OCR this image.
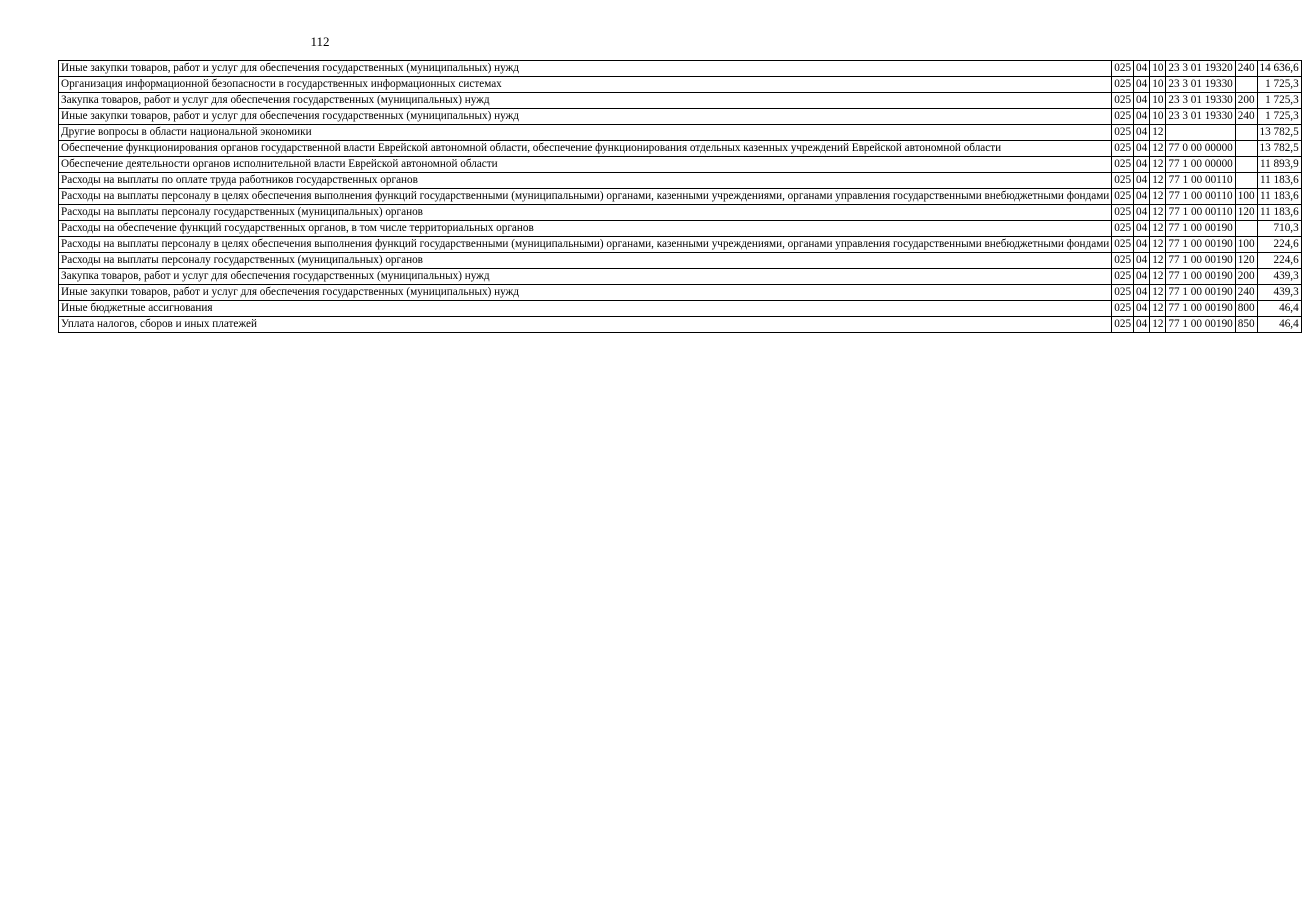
112
Иные закупки товаров, работ и услуг для обеспечения государственных (муниципальных) нужд	025	04	10	23 3 01 19320	240	14 636,6
Организация информационной безопасности в государственных информационных системах	025	04	10	23 3 01 19330		1 725,3
Закупка товаров, работ и услуг для обеспечения государственных (муниципальных) нужд	025	04	10	23 3 01 19330	200	1 725,3
Иные закупки товаров, работ и услуг для обеспечения государственных (муниципальных) нужд	025	04	10	23 3 01 19330	240	1 725,3
Другие вопросы в области национальной экономики	025	04	12			13 782,5
Обеспечение функционирования органов государственной власти Еврейской автономной области, обеспечение функционирования отдельных казенных учреждений Еврейской автономной области	025	04	12	77 0 00 00000		13 782,5
Обеспечение деятельности органов исполнительной власти Еврейской автономной области	025	04	12	77 1 00 00000		11 893,9
Расходы на выплаты по оплате труда работников государственных органов	025	04	12	77 1 00 00110		11 183,6
Расходы на выплаты персоналу в целях обеспечения выполнения функций государственными (муниципальными) органами, казенными учреждениями, органами управления государственными внебюджетными фондами	025	04	12	77 1 00 00110	100	11 183,6
Расходы на выплаты персоналу государственных (муниципальных) органов	025	04	12	77 1 00 00110	120	11 183,6
Расходы на обеспечение функций государственных органов, в том числе территориальных органов	025	04	12	77 1 00 00190		710,3
Расходы на выплаты персоналу в целях обеспечения выполнения функций государственными (муниципальными) органами, казенными учреждениями, органами управления государственными внебюджетными фондами	025	04	12	77 1 00 00190	100	224,6
Расходы на выплаты персоналу государственных (муниципальных) органов	025	04	12	77 1 00 00190	120	224,6
Закупка товаров, работ и услуг для обеспечения государственных (муниципальных) нужд	025	04	12	77 1 00 00190	200	439,3
Иные закупки товаров, работ и услуг для обеспечения государственных (муниципальных) нужд	025	04	12	77 1 00 00190	240	439,3
Иные бюджетные ассигнования	025	04	12	77 1 00 00190	800	46,4
Уплата налогов, сборов и иных платежей	025	04	12	77 1 00 00190	850	46,4
